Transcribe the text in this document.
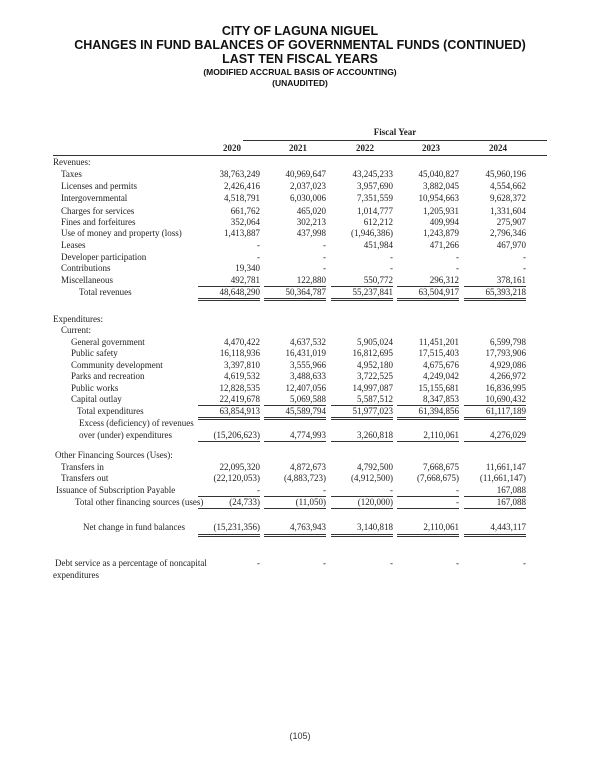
CITY OF LAGUNA NIGUEL
CHANGES IN FUND BALANCES OF GOVERNMENTAL FUNDS (CONTINUED)
LAST TEN FISCAL YEARS
(MODIFIED ACCRUAL BASIS OF ACCOUNTING)
(UNAUDITED)
Fiscal Year
2020	2021	2022	2023	2024
Revenues:
Taxes	38,763,249	40,969,647	43,245,233	45,040,827	45,960,196
Licenses and permits	2,426,416	2,037,023	3,957,690	3,882,045	4,554,662
Intergovernmental	4,518,791	6,030,006	7,351,559	10,954,663	9,628,372
Charges for services	661,762	465,020	1,014,777	1,205,931	1,331,604
Fines and forfeitures	352,064	302,213	612,212	409,994	275,907
Use of money and property (loss)	1,413,887	437,998	(1,946,386)	1,243,879	2,796,346
Leases	-	-	451,984	471,266	467,970
Developer participation	-	-	-	-	-
Contributions	19,340	-	-	-	-
Miscellaneous	492,781	122,880	550,772	296,312	378,161
Total revenues	48,648,290	50,364,787	55,237,841	63,504,917	65,393,218
Expenditures:
Current:
General government	4,470,422	4,637,532	5,905,024	11,451,201	6,599,798
Public safety	16,118,936	16,431,019	16,812,695	17,515,403	17,793,906
Community development	3,397,810	3,555,966	4,952,180	4,675,676	4,929,086
Parks and recreation	4,619,532	3,488,633	3,722,525	4,249,042	4,266,972
Public works	12,828,535	12,407,056	14,997,087	15,155,681	16,836,995
Capital outlay	22,419,678	5,069,588	5,587,512	8,347,853	10,690,432
Total expenditures	63,854,913	45,589,794	51,977,023	61,394,856	61,117,189
Excess (deficiency) of revenues
over (under) expenditures	(15,206,623)	4,774,993	3,260,818	2,110,061	4,276,029
Other Financing Sources (Uses):
Transfers in	22,095,320	4,872,673	4,792,500	7,668,675	11,661,147
Transfers out	(22,120,053)	(4,883,723)	(4,912,500)	(7,668,675)	(11,661,147)
Issuance of Subscription Payable	-	-	-	-	167,088
Total other financing sources (uses)	(24,733)	(11,050)	(120,000)	-	167,088
Net change in fund balances	(15,231,356)	4,763,943	3,140,818	2,110,061	4,443,117
Debt service as a percentage of noncapital	-	-	-	-	-
expenditures
(105)
